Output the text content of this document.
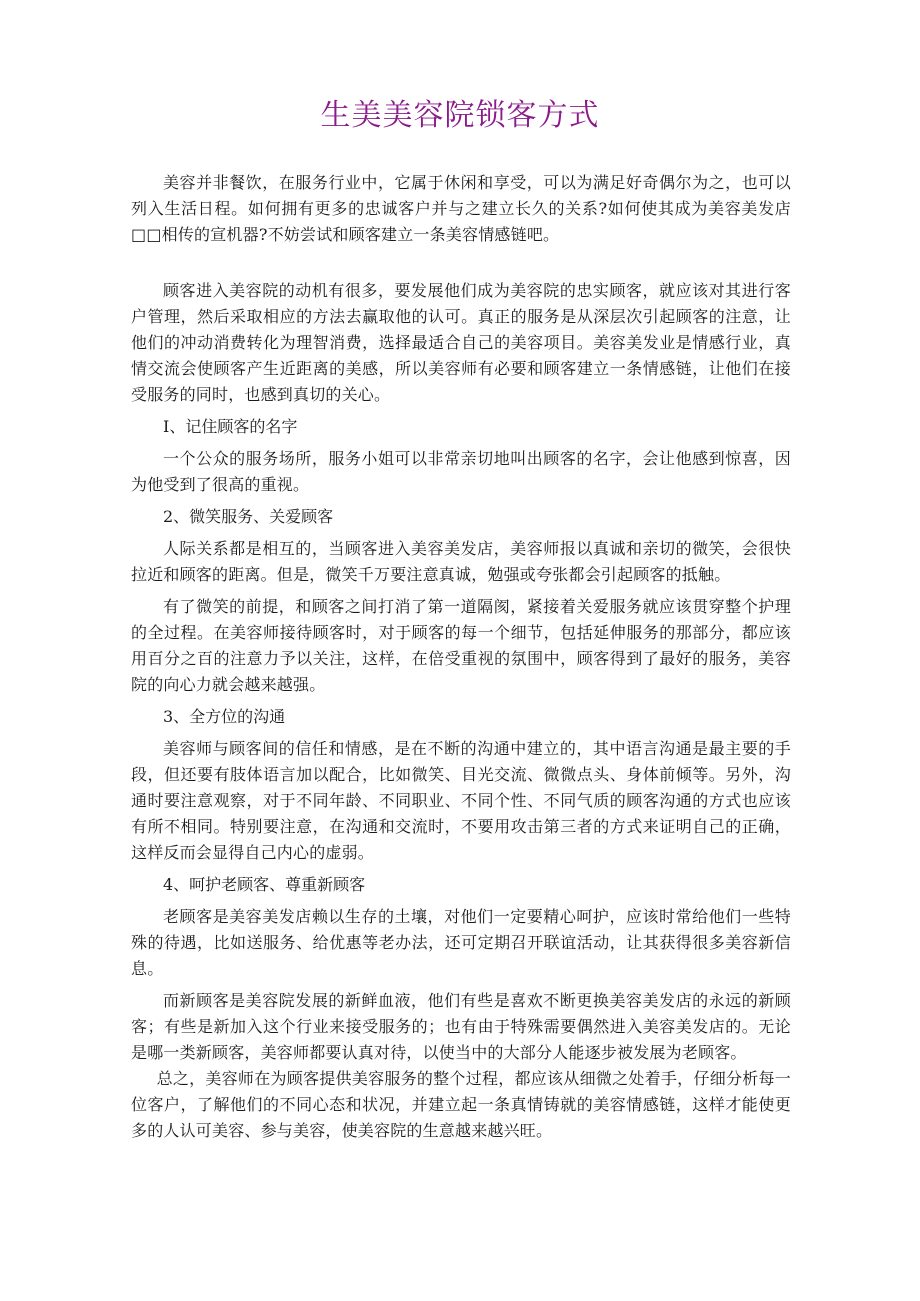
生美美容院锁客方式

美容并非餐饮，在服务行业中，它属于休闲和享受，可以为满足好奇偶尔为之，也可以列入生活日程。如何拥有更多的忠诚客户并与之建立长久的关系?如何使其成为美容美发店□□相传的宣机器?不妨尝试和顾客建立一条美容情感链吧。

顾客进入美容院的动机有很多，要发展他们成为美容院的忠实顾客，就应该对其进行客户管理，然后采取相应的方法去赢取他的认可。真正的服务是从深层次引起顾客的注意，让他们的冲动消费转化为理智消费，选择最适合自己的美容项目。美容美发业是情感行业，真情交流会使顾客产生近距离的美感，所以美容师有必要和顾客建立一条情感链，让他们在接受服务的同时，也感到真切的关心。

I、记住顾客的名字

一个公众的服务场所，服务小姐可以非常亲切地叫出顾客的名字，会让他感到惊喜，因为他受到了很高的重视。

2、微笑服务、关爱顾客

人际关系都是相互的，当顾客进入美容美发店，美容师报以真诚和亲切的微笑，会很快拉近和顾客的距离。但是，微笑千万要注意真诚，勉强或夸张都会引起顾客的抵触。

有了微笑的前提，和顾客之间打消了第一道隔阂，紧接着关爱服务就应该贯穿整个护理的全过程。在美容师接待顾客时，对于顾客的每一个细节，包括延伸服务的那部分，都应该用百分之百的注意力予以关注，这样，在倍受重视的氛围中，顾客得到了最好的服务，美容院的向心力就会越来越强。

3、全方位的沟通

美容师与顾客间的信任和情感，是在不断的沟通中建立的，其中语言沟通是最主要的手段，但还要有肢体语言加以配合，比如微笑、目光交流、微微点头、身体前倾等。另外，沟通时要注意观察，对于不同年龄、不同职业、不同个性、不同气质的顾客沟通的方式也应该有所不相同。特别要注意，在沟通和交流时，不要用攻击第三者的方式来证明自己的正确，这样反而会显得自己内心的虚弱。

4、呵护老顾客、尊重新顾客

老顾客是美容美发店赖以生存的土壤，对他们一定要精心呵护，应该时常给他们一些特殊的待遇，比如送服务、给优惠等老办法，还可定期召开联谊活动，让其获得很多美容新信息。

而新顾客是美容院发展的新鲜血液，他们有些是喜欢不断更换美容美发店的永远的新顾客；有些是新加入这个行业来接受服务的；也有由于特殊需要偶然进入美容美发店的。无论是哪一类新顾客，美容师都要认真对待，以使当中的大部分人能逐步被发展为老顾客。

总之，美容师在为顾客提供美容服务的整个过程，都应该从细微之处着手，仔细分析每一位客户，了解他们的不同心态和状况，并建立起一条真情铸就的美容情感链，这样才能使更多的人认可美容、参与美容，使美容院的生意越来越兴旺。
